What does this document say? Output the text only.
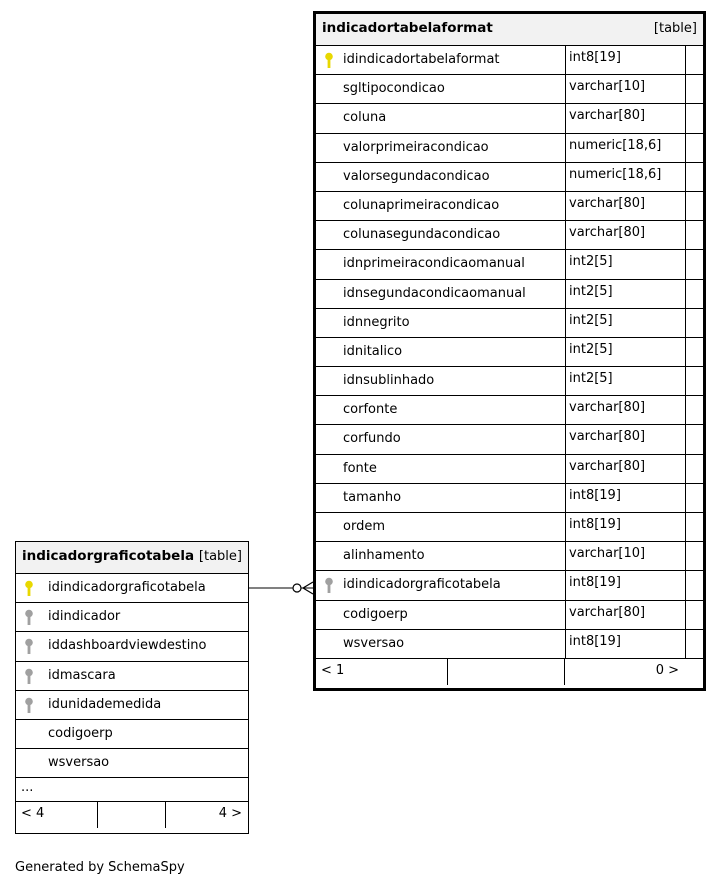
indicadortabelaformat	[table]
idindicadortabelaformat	int8[19]
sgltipocondicao	varchar[10]
coluna	varchar[80]
valorprimeiracondicao	numeric[18,6]
valorsegundacondicao	numeric[18,6]
colunaprimeiracondicao	varchar[80]
colunasegundacondicao	varchar[80]
idnprimeiracondicaomanual	int2[5]
idnsegundacondicaomanual	int2[5]
idnnegrito	int2[5]
idnitalico	int2[5]
idnsublinhado	int2[5]
corfonte	varchar[80]
corfundo	varchar[80]
fonte	varchar[80]
tamanho	int8[19]
ordem	int8[19]
alinhamento	varchar[10]
idindicadorgraficotabela	int8[19]
codigoerp	varchar[80]
wsversao	int8[19]
< 1	0 >
indicadorgraficotabela [table]
idindicadorgraficotabela
idindicador
iddashboardviewdestino
idmascara
idunidademedida
codigoerp
wsversao
...
< 4	4 >
Generated by SchemaSpy
